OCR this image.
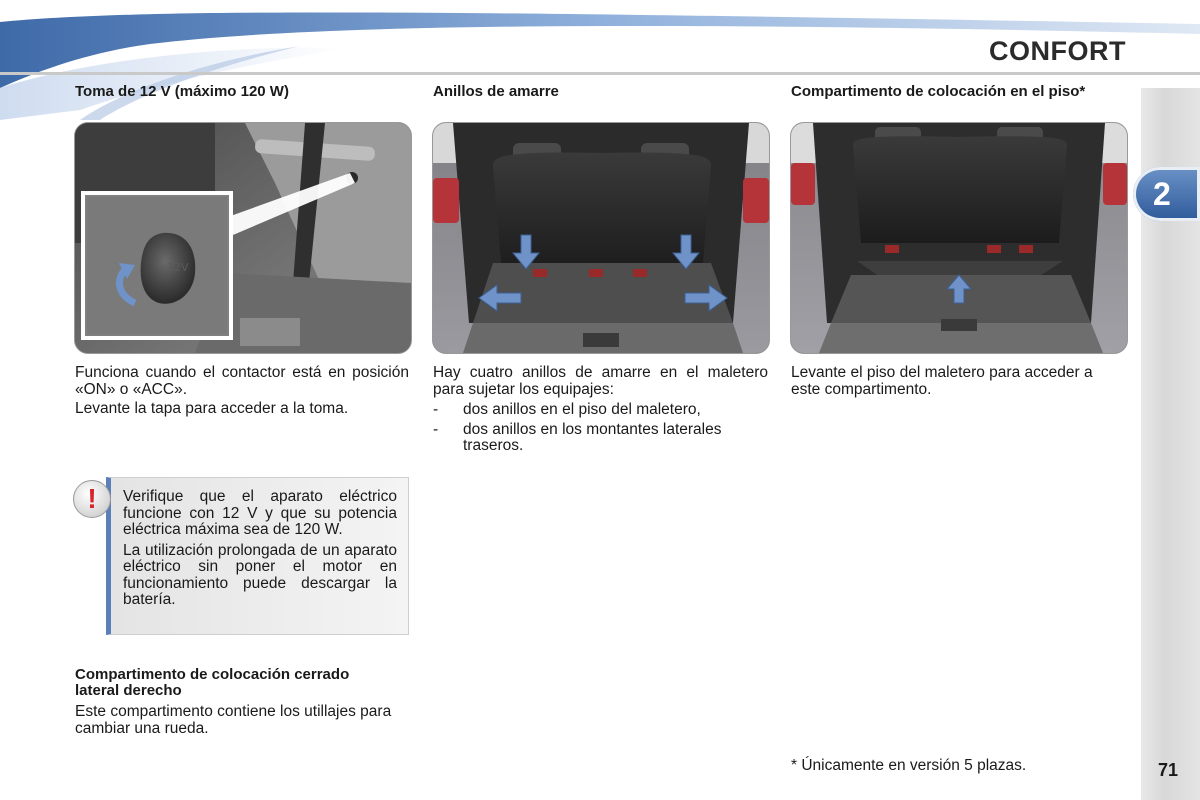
CONFORT
2
71
Toma de 12 V (máximo 120 W)
12V

Funciona cuando el contactor está en posición «ON» o «ACC».

Levante la tapa para acceder a la toma.

!	Verifique que el aparato eléctrico funcione con 12 V y que su potencia eléctrica máxima sea de 120 W.

La utilización prolongada de un aparato eléctrico sin poner el motor en funcionamiento puede descargar la batería.

Compartimento de colocación cerrado lateral derecho
Este compartimento contiene los utillajes para cambiar una rueda.
Anillos de amarre

Hay cuatro anillos de amarre en el maletero para sujetar los equipajes:

- dos anillos en el piso del maletero,
- dos anillos en los montantes laterales traseros.
Compartimento de colocación en el piso*
Levante el piso del maletero para acceder a este compartimento.
* Únicamente en versión 5 plazas.
